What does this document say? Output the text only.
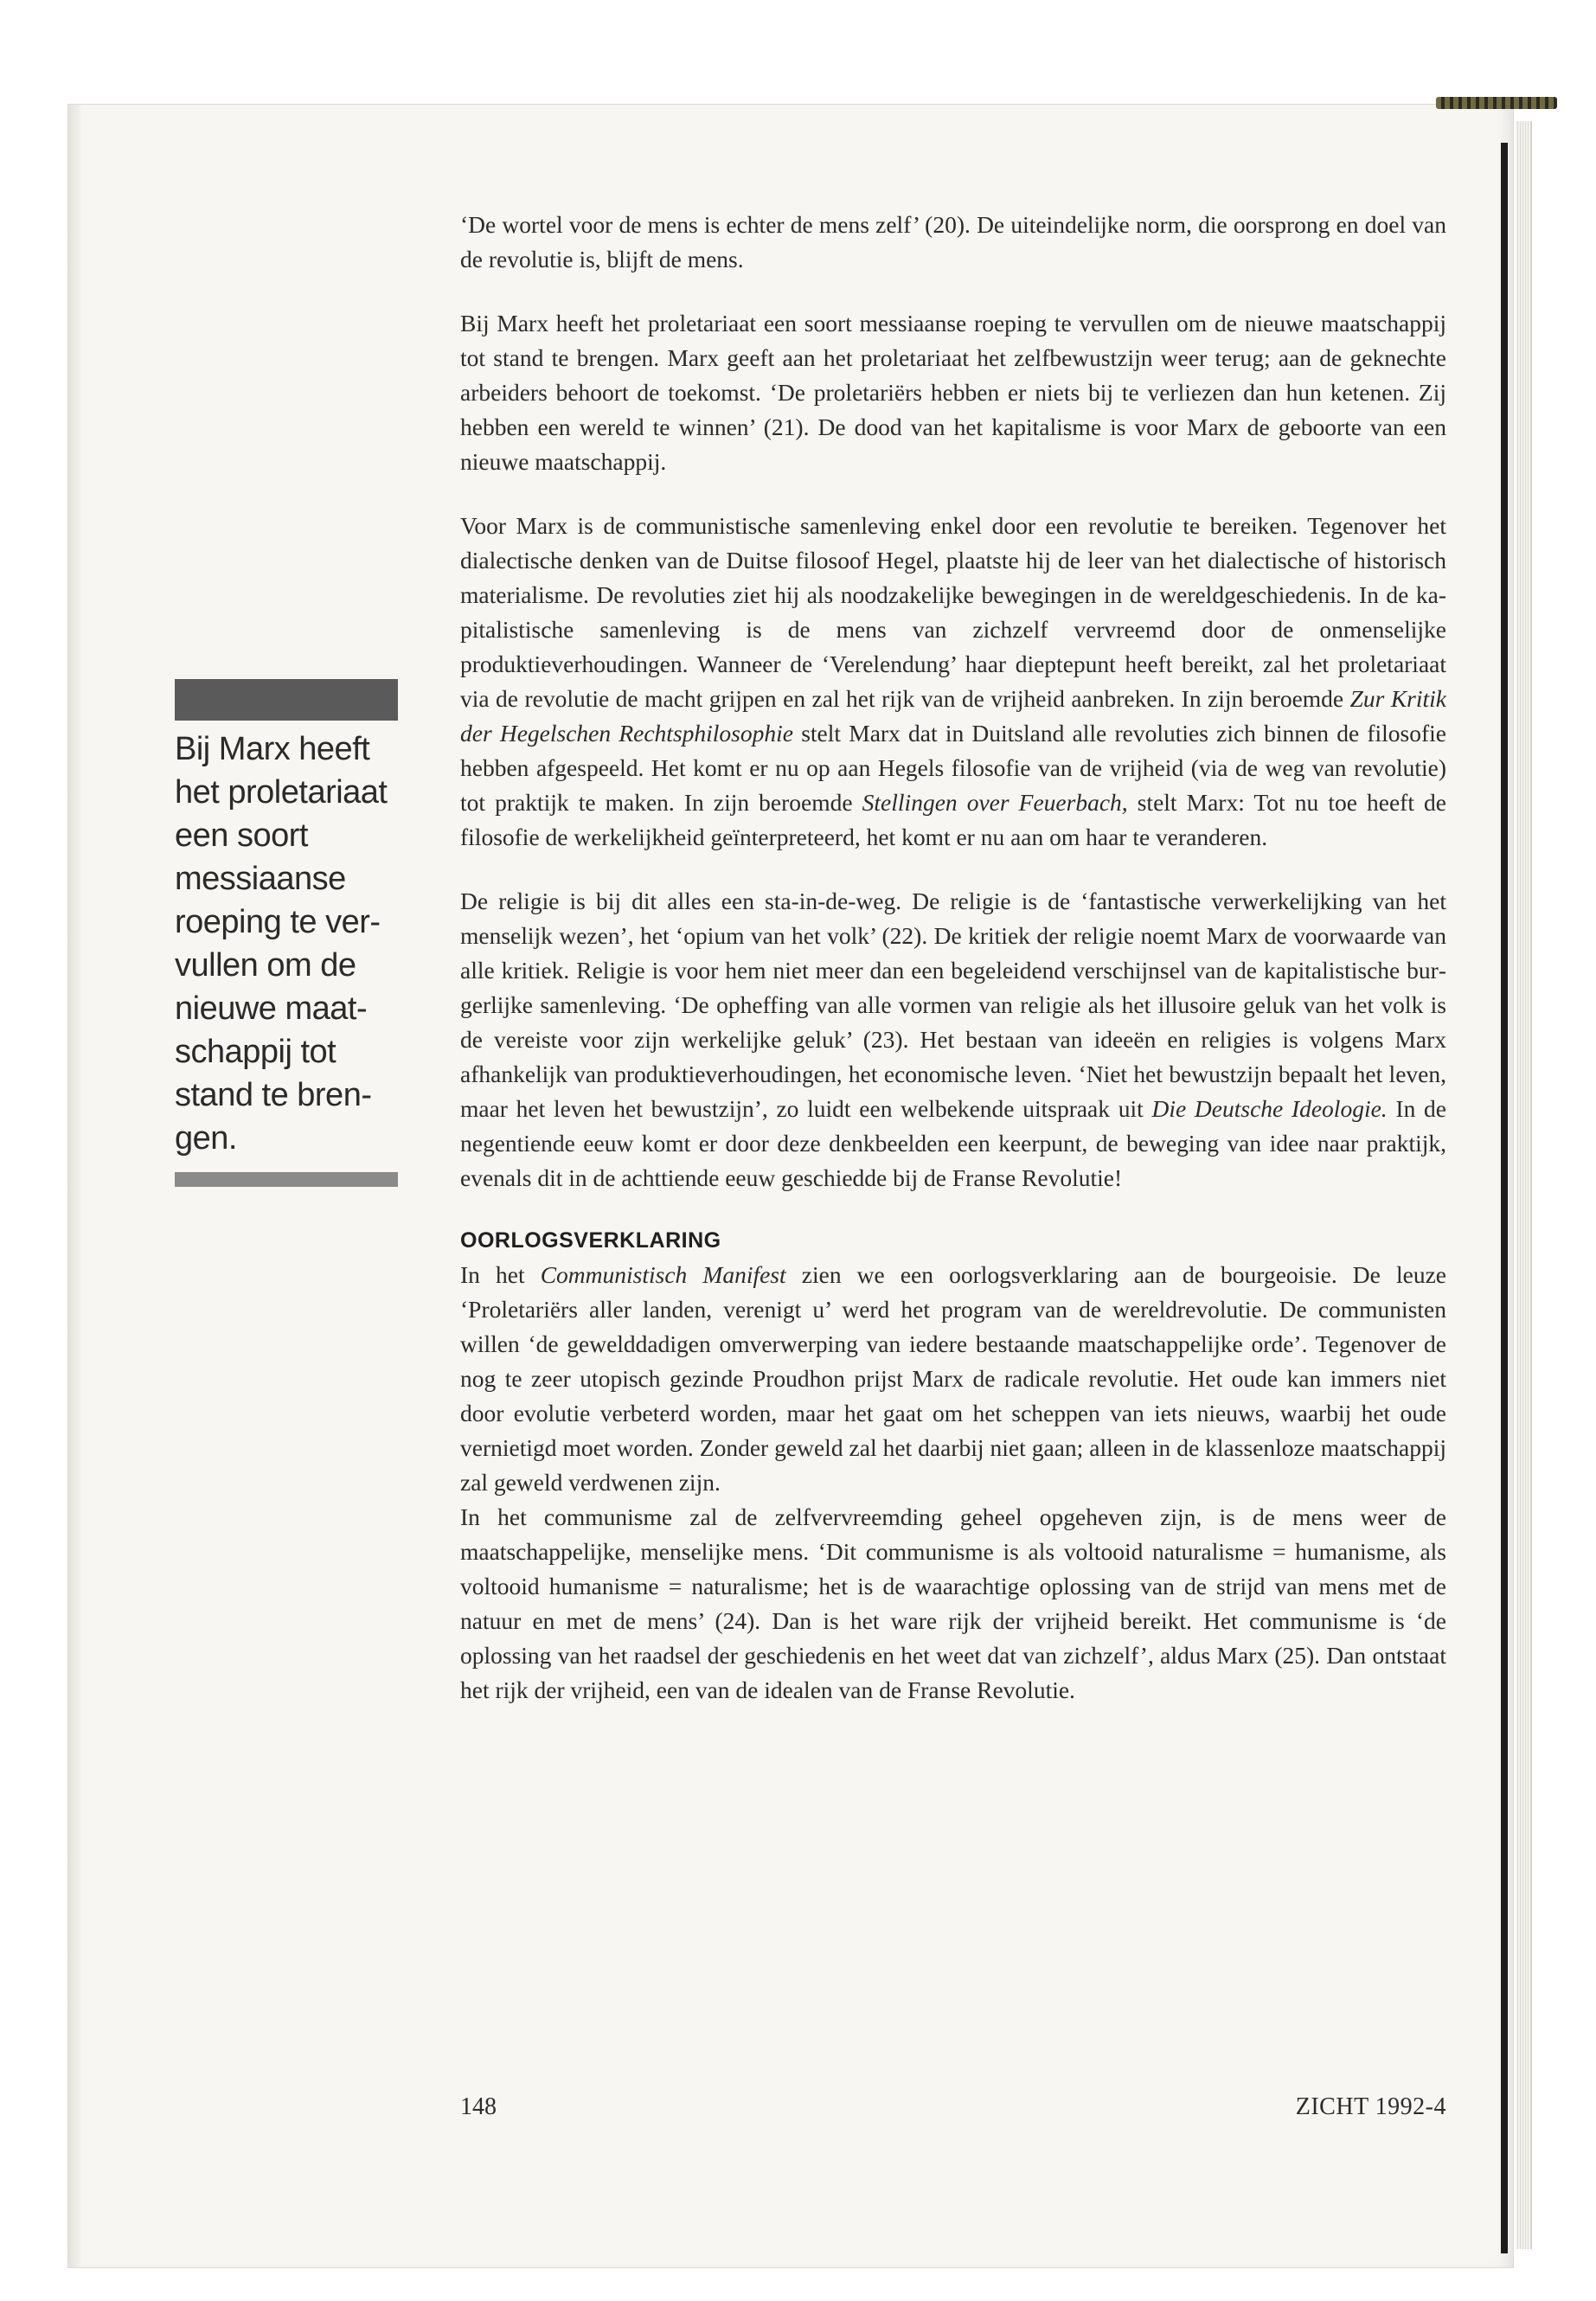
Bij Marx heeft het proletariaat een soort messiaanse roeping te vervullen om de nieuwe maatschappij tot stand te brengen.

‘De wortel voor de mens is echter de mens zelf’ (20). De uiteindelijke norm, die oorsprong en doel van de revolutie is, blijft de mens.

Bij Marx heeft het proletariaat een soort messiaanse roeping te vervullen om de nieuwe maatschappij tot stand te brengen. Marx geeft aan het proletariaat het zelfbewustzijn weer terug; aan de geknechte arbeiders behoort de toekomst. ‘De proletariërs hebben er niets bij te verliezen dan hun ketenen. Zij hebben een wereld te winnen’ (21). De dood van het kapitalisme is voor Marx de geboorte van een nieuwe maatschappij.

Voor Marx is de communistische samenleving enkel door een revolutie te bereiken. Tegenover het dialectische denken van de Duitse filosoof Hegel, plaatste hij de leer van het dialectische of historisch materialisme. De revoluties ziet hij als noodzakelijke bewegingen in de wereldgeschiedenis. In de kapitalistische samenleving is de mens van zichzelf vervreemd door de onmenselijke produktieverhoudingen. Wanneer de ‘Verelendung’ haar dieptepunt heeft bereikt, zal het proletariaat via de revolutie de macht grijpen en zal het rijk van de vrijheid aanbreken. In zijn beroemde Zur Kritik der Hegelschen Rechtsphilosophie stelt Marx dat in Duitsland alle revoluties zich binnen de filosofie hebben afgespeeld. Het komt er nu op aan Hegels filosofie van de vrijheid (via de weg van revolutie) tot praktijk te maken. In zijn beroemde Stellingen over Feuerbach, stelt Marx: Tot nu toe heeft de filosofie de werkelijkheid geïnterpreteerd, het komt er nu aan om haar te veranderen.

De religie is bij dit alles een sta-in-de-weg. De religie is de ‘fantastische verwerkelijking van het menselijk wezen’, het ‘opium van het volk’ (22). De kritiek der religie noemt Marx de voorwaarde van alle kritiek. Religie is voor hem niet meer dan een begeleidend verschijnsel van de kapitalistische burgerlijke samenleving. ‘De opheffing van alle vormen van religie als het illusoire geluk van het volk is de vereiste voor zijn werkelijke geluk’ (23). Het bestaan van ideeën en religies is volgens Marx afhankelijk van produktieverhoudingen, het economische leven. ‘Niet het bewustzijn bepaalt het leven, maar het leven het bewustzijn’, zo luidt een welbekende uitspraak uit Die Deutsche Ideologie. In de negentiende eeuw komt er door deze denkbeelden een keerpunt, de beweging van idee naar praktijk, evenals dit in de achttiende eeuw geschiedde bij de Franse Revolutie!

OORLOGSVERKLARING

In het Communistisch Manifest zien we een oorlogsverklaring aan de bourgeoisie. De leuze ‘Proletariërs aller landen, verenigt u’ werd het program van de wereldrevolutie. De communisten willen ‘de gewelddadigen omverwerping van iedere bestaande maatschappelijke orde’. Tegenover de nog te zeer utopisch gezinde Proudhon prijst Marx de radicale revolutie. Het oude kan immers niet door evolutie verbeterd worden, maar het gaat om het scheppen van iets nieuws, waarbij het oude vernietigd moet worden. Zonder geweld zal het daarbij niet gaan; alleen in de klassenloze maatschappij zal geweld verdwenen zijn.

In het communisme zal de zelfvervreemding geheel opgeheven zijn, is de mens weer de maatschappelijke, menselijke mens. ‘Dit communisme is als voltooid naturalisme = humanisme, als voltooid humanisme = naturalisme; het is de waarachtige oplossing van de strijd van mens met de natuur en met de mens’ (24). Dan is het ware rijk der vrijheid bereikt. Het communisme is ‘de oplossing van het raadsel der geschiedenis en het weet dat van zichzelf’, aldus Marx (25). Dan ontstaat het rijk der vrijheid, een van de idealen van de Franse Revolutie.

148	ZICHT 1992-4
